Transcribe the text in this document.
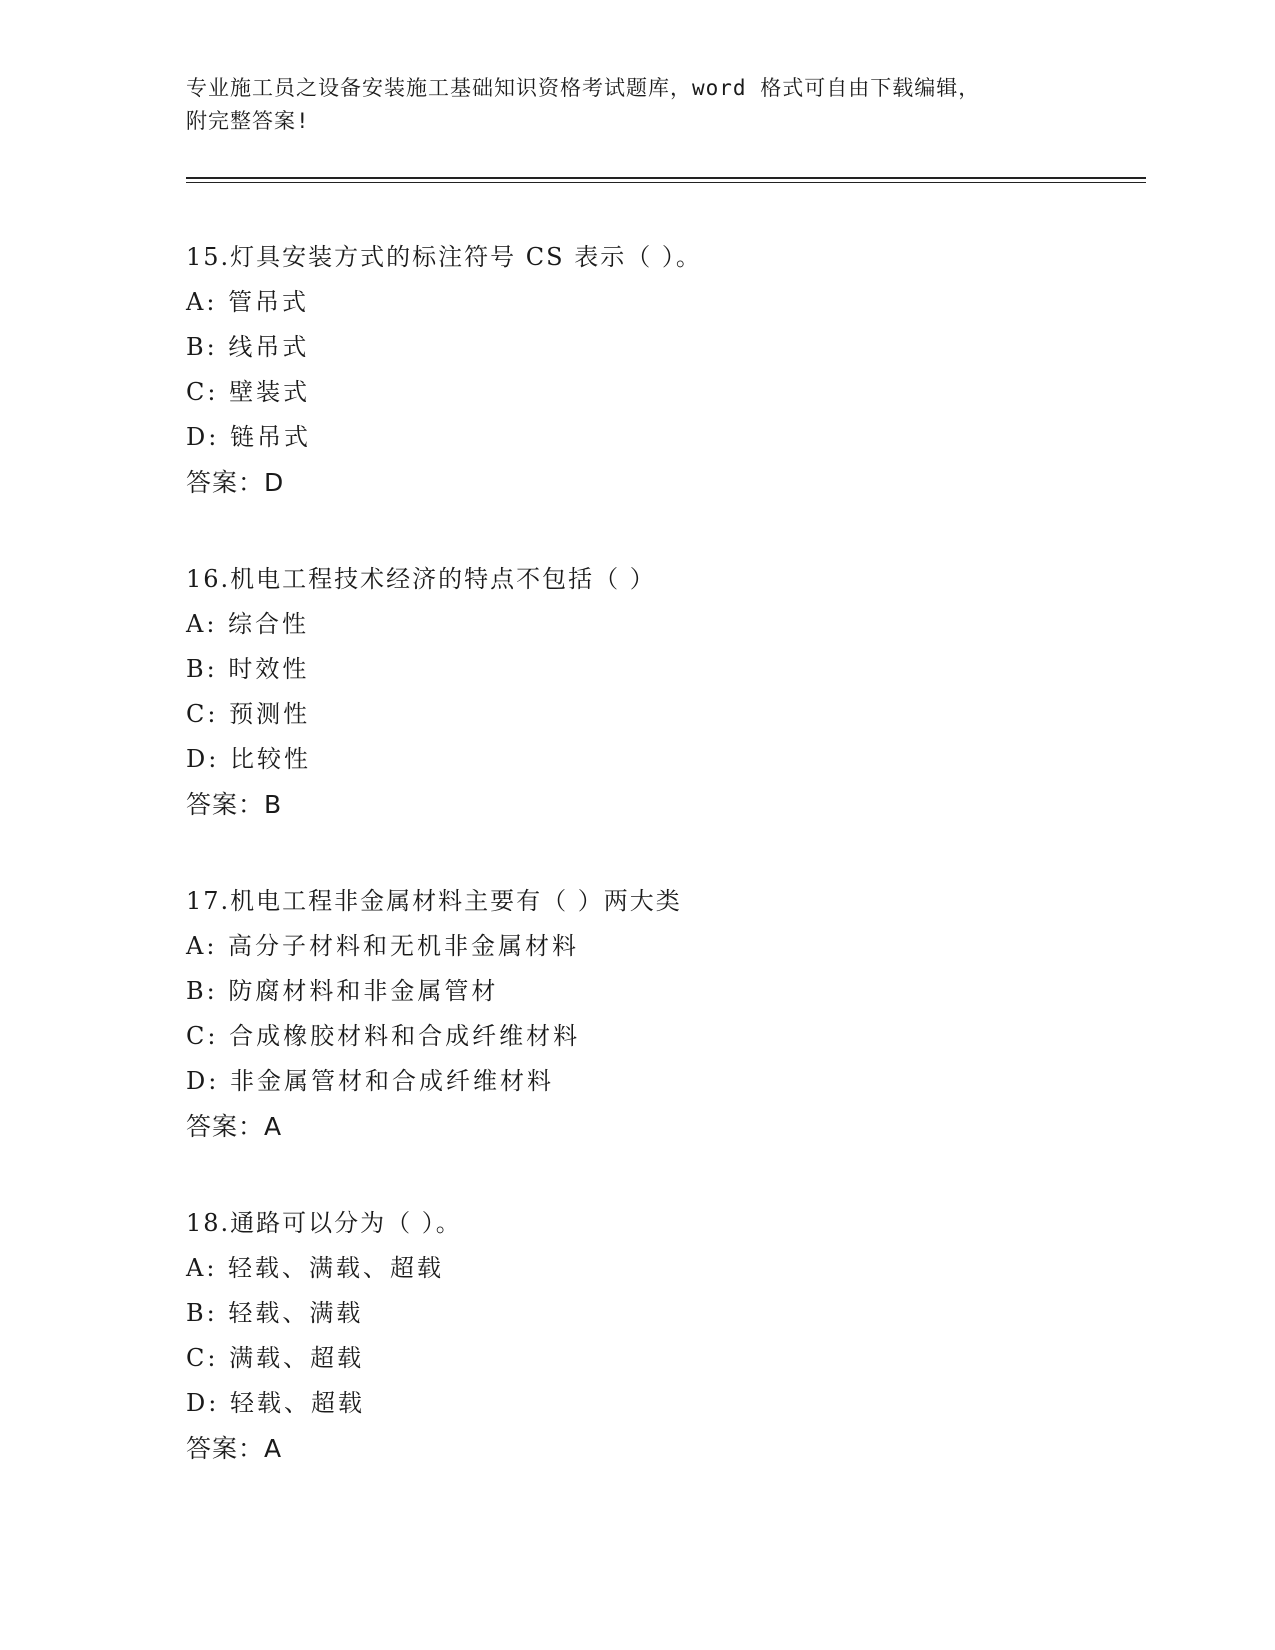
专业施工员之设备安装施工基础知识资格考试题库，word 格式可自由下载编辑，
附完整答案!
15.灯具安装方式的标注符号 CS 表示（ ）。
A: 管吊式
B: 线吊式
C: 壁装式
D: 链吊式
答案：D
16.机电工程技术经济的特点不包括（ ）
A: 综合性
B: 时效性
C: 预测性
D: 比较性
答案：B
17.机电工程非金属材料主要有（ ）两大类
A: 高分子材料和无机非金属材料
B: 防腐材料和非金属管材
C: 合成橡胶材料和合成纤维材料
D: 非金属管材和合成纤维材料
答案：A
18.通路可以分为（ ）。
A: 轻载、满载、超载
B: 轻载、满载
C: 满载、超载
D: 轻载、超载
答案：A
